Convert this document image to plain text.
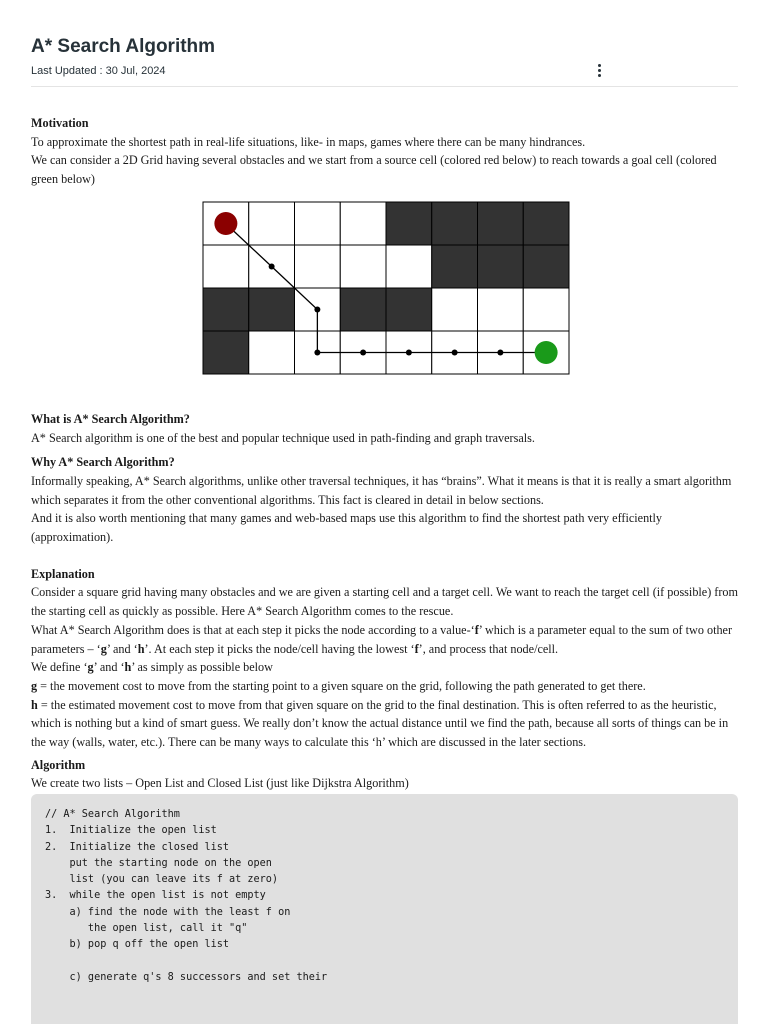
A* Search Algorithm
Last Updated : 30 Jul, 2024

Motivation

To approximate the shortest path in real-life situations, like- in maps, games where there can be many hindrances.

We can consider a 2D Grid having several obstacles and we start from a source cell (colored red below) to reach towards a goal cell (colored green below)

What is A* Search Algorithm?

A* Search algorithm is one of the best and popular technique used in path-finding and graph traversals.

Why A* Search Algorithm?

Informally speaking, A* Search algorithms, unlike other traversal techniques, it has “brains”. What it means is that it is really a smart algorithm which separates it from the other conventional algorithms. This fact is cleared in detail in below sections.

And it is also worth mentioning that many games and web-based maps use this algorithm to find the shortest path very efficiently (approximation).

Explanation

Consider a square grid having many obstacles and we are given a starting cell and a target cell. We want to reach the target cell (if possible) from the starting cell as quickly as possible. Here A* Search Algorithm comes to the rescue.

What A* Search Algorithm does is that at each step it picks the node according to a value-‘f’ which is a parameter equal to the sum of two other parameters – ‘g’ and ‘h’. At each step it picks the node/cell having the lowest ‘f’, and process that node/cell.

We define ‘g’ and ‘h’ as simply as possible below

g = the movement cost to move from the starting point to a given square on the grid, following the path generated to get there.

h = the estimated movement cost to move from that given square on the grid to the final destination. This is often referred to as the heuristic, which is nothing but a kind of smart guess. We really don’t know the actual distance until we find the path, because all sorts of things can be in the way (walls, water, etc.). There can be many ways to calculate this ‘h’ which are discussed in the later sections.

Algorithm

We create two lists – Open List and Closed List (just like Dijkstra Algorithm)

// A* Search Algorithm
1.  Initialize the open list
2.  Initialize the closed list
put the starting node on the open
list (you can leave its f at zero)
3.  while the open list is not empty
a) find the node with the least f on
the open list, call it "q"
b) pop q off the open list
c) generate q's 8 successors and set their
